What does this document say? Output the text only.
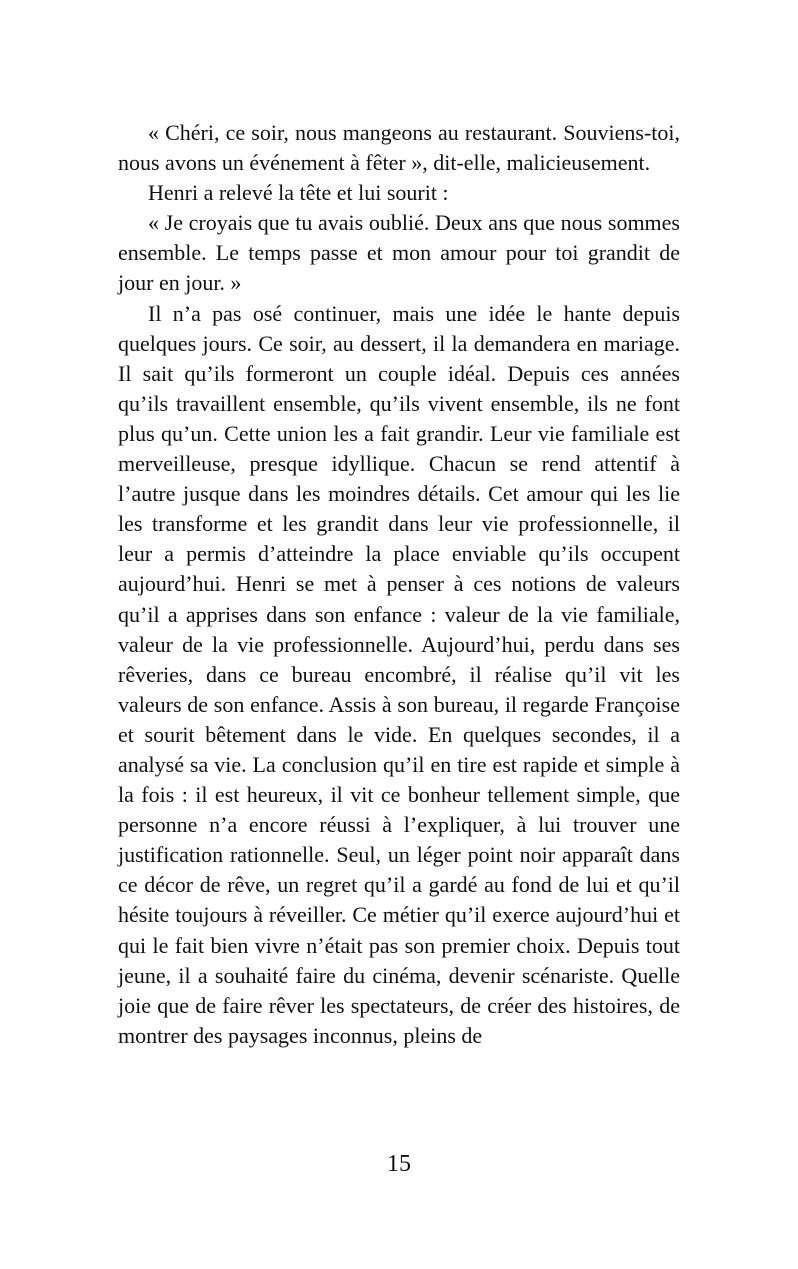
« Chéri, ce soir, nous mangeons au restaurant. Souviens-toi, nous avons un événement à fêter », dit-elle, malicieusement.

Henri a relevé la tête et lui sourit :

« Je croyais que tu avais oublié. Deux ans que nous sommes ensemble. Le temps passe et mon amour pour toi grandit de jour en jour. »

Il n’a pas osé continuer, mais une idée le hante depuis quelques jours. Ce soir, au dessert, il la demandera en mariage. Il sait qu’ils formeront un couple idéal. Depuis ces années qu’ils travaillent ensemble, qu’ils vivent ensemble, ils ne font plus qu’un. Cette union les a fait grandir. Leur vie familiale est merveilleuse, presque idyllique. Chacun se rend attentif à l’autre jusque dans les moindres détails. Cet amour qui les lie les transforme et les grandit dans leur vie professionnelle, il leur a permis d’atteindre la place enviable qu’ils occupent aujourd’hui. Henri se met à penser à ces notions de valeurs qu’il a apprises dans son enfance : valeur de la vie familiale, valeur de la vie professionnelle. Aujourd’hui, perdu dans ses rêveries, dans ce bureau encombré, il réalise qu’il vit les valeurs de son enfance. Assis à son bureau, il regarde Françoise et sourit bêtement dans le vide. En quelques secondes, il a analysé sa vie. La conclusion qu’il en tire est rapide et simple à la fois : il est heureux, il vit ce bonheur tellement simple, que personne n’a encore réussi à l’expliquer, à lui trouver une justification rationnelle. Seul, un léger point noir apparaît dans ce décor de rêve, un regret qu’il a gardé au fond de lui et qu’il hésite toujours à réveiller. Ce métier qu’il exerce aujourd’hui et qui le fait bien vivre n’était pas son premier choix. Depuis tout jeune, il a souhaité faire du cinéma, devenir scénariste. Quelle joie que de faire rêver les spectateurs, de créer des histoires, de montrer des paysages inconnus, pleins de

15
